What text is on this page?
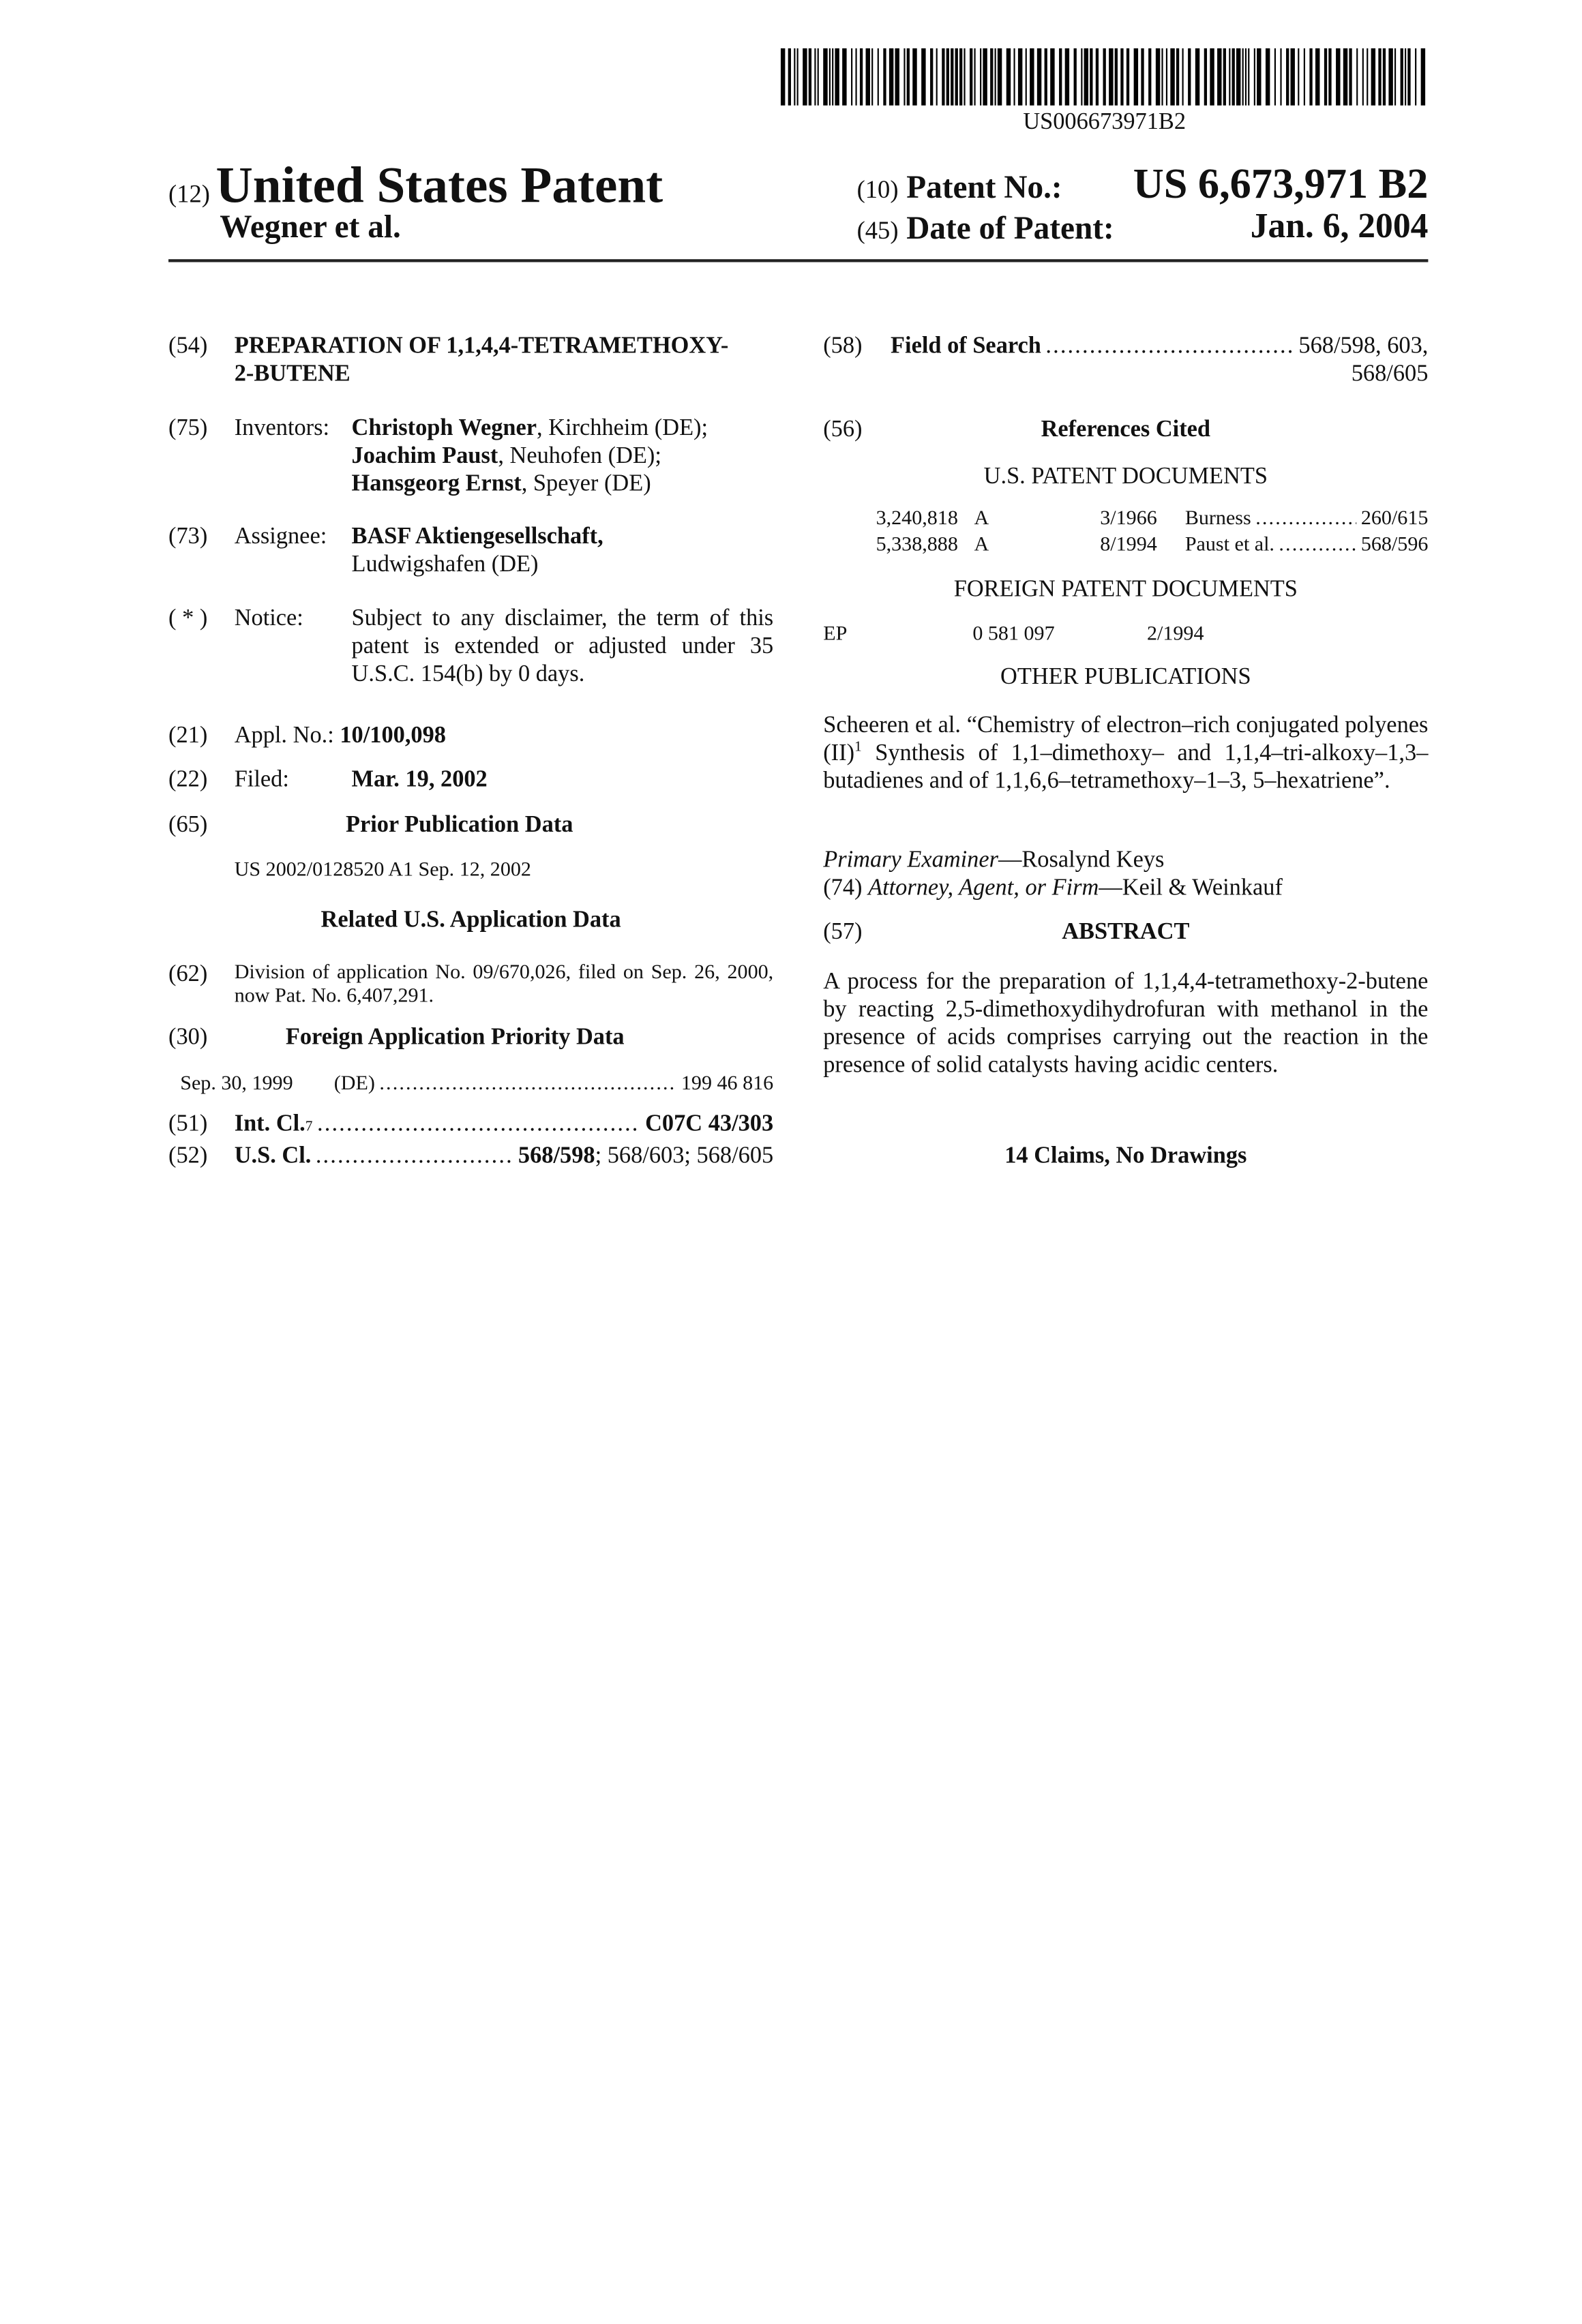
US006673971B2
(12) United States Patent
Wegner et al.
(10) Patent No.:	US 6,673,971 B2
(45) Date of Patent:	Jan. 6, 2004
(54) PREPARATION OF 1,1,4,4-TETRAMETHOXY-
2-BUTENE
(75) Inventors: Christoph Wegner, Kirchheim (DE);
Joachim Paust, Neuhofen (DE);
Hansgeorg Ernst, Speyer (DE)
(73) Assignee: BASF Aktiengesellschaft,
Ludwigshafen (DE)
( * ) Notice:	Subject to any disclaimer, the term of this patent is extended or adjusted under 35 U.S.C. 154(b) by 0 days.
(21) Appl. No.: 10/100,098
(22) Filed:	Mar. 19, 2002
(65)	Prior Publication Data
US 2002/0128520 A1 Sep. 12, 2002
Related U.S. Application Data
(62)	Division of application No. 09/670,026, filed on Sep. 26, 2000, now Pat. No. 6,407,291.
(30)	Foreign Application Priority Data
Sep. 30, 1999	(DE)
.....	199 46 816
(51) Int. Cl. 7
.....	C07C 43/303
(52) U.S. Cl.
.....	568/598 ; 568/603; 568/605
(58)	Field of Search
.....	568/598, 603,
568/605
(56)	References Cited
U.S. PATENT DOCUMENTS
3,240,818	A	3/1966	Burness
.....	260/615
5,338,888	A	8/1994	Paust et al.
.....	568/596
FOREIGN PATENT DOCUMENTS
EP	0 581 097	2/1994
OTHER PUBLICATIONS
Scheeren et al. “Chemistry of electron–rich conjugated polyenes (II)1 Synthesis of 1,1–dimethoxy– and 1,1,4–tri-alkoxy–1,3–butadienes and of 1,1,6,6–tetramethoxy–1–3, 5–hexatriene”.
Primary Examiner—Rosalynd Keys
(74) Attorney, Agent, or Firm—Keil & Weinkauf
(57)	ABSTRACT
A process for the preparation of 1,1,4,4-tetramethoxy-2-butene by reacting 2,5-dimethoxydihydrofuran with methanol in the presence of acids comprises carrying out the reaction in the presence of solid catalysts having acidic centers.
14 Claims, No Drawings
